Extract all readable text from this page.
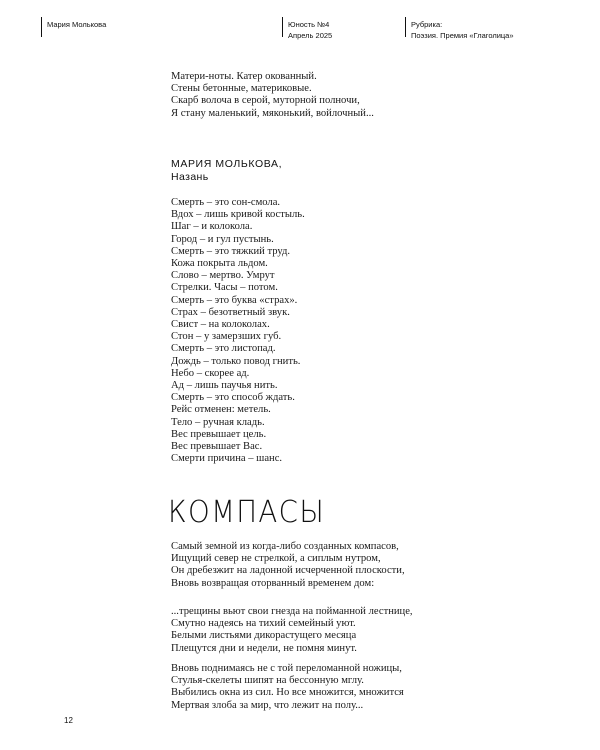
Мария Молькова	Юность №4
Апрель 2025
Рубрика:
Поэзия. Премия «Глаголица»
Матери-ноты. Катер окованный.
Стены бетонные, материковые.
Скарб волоча в серой, муторной полночи,
Я стану маленький, мяконький, войлочный...
МАРИЯ МОЛЬКОВА,
Назань
Смерть – это сон-смола.
Вдох – лишь кривой костыль.
Шаг – и колокола.
Город – и гул пустынь.
Смерть – это тяжкий труд.
Кожа покрыта льдом.
Слово – мертво. Умрут
Стрелки. Часы – потом.
Смерть – это буква «страх».
Страх – безответный звук.
Свист – на колоколах.
Стон – у замерзших губ.
Смерть – это листопад.
Дождь – только повод гнить.
Небо – скорее ад.
Ад – лишь паучья нить.
Смерть – это способ ждать.
Рейс отменен: метель.
Тело – ручная кладь.
Вес превышает цель.
Вес превышает Вас.
Смерти причина – шанс.
КОМПАСЫ
Самый земной из когда-либо созданных компасов,
Ищущий север не стрелкой, а сиплым нутром,
Он дребезжит на ладонной исчерченной плоскости,
Вновь возвращая оторванный временем дом:
...трещины вьют свои гнезда на пойманной лестнице,
Смутно надеясь на тихий семейный уют.
Белыми листьями дикорастущего месяца
Плещутся дни и недели, не помня минут.
Вновь поднимаясь не с той переломанной ножицы,
Стулья-скелеты шипят на бессонную мглу.
Выбились окна из сил. Но все множится, множится
Мертвая злоба за мир, что лежит на полу...
12
